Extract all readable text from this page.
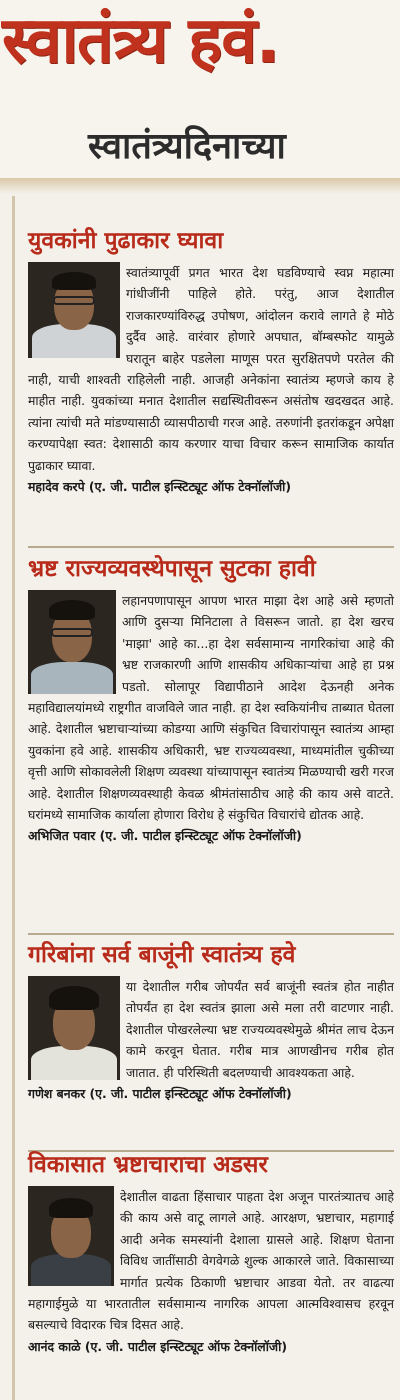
स्वातंत्र्य हवं.
स्वातंत्र्यदिनाच्या
युवकांनी पुढाकार घ्यावा

स्वातंत्र्यापूर्वी प्रगत भारत देश घडविण्याचे स्वप्न महात्मा गांधीजींनी पाहिले होते. परंतु, आज देशातील राजकारण्यांविरुद्ध उपोषण, आंदोलन करावे लागते हे मोठे दुर्दैव आहे. वारंवार होणारे अपघात, बॉम्बस्फोट यामुळे घरातून बाहेर पडलेला माणूस परत सुरक्षितपणे परतेल की नाही, याची शाश्वती राहिलेली नाही. आजही अनेकांना स्वातंत्र्य म्हणजे काय हे माहीत नाही. युवकांच्या मनात देशातील सद्यस्थितीवरून असंतोष खदखदत आहे. त्यांना त्यांची मते मांडण्यासाठी व्यासपीठाची गरज आहे. तरुणांनी इतरांकडून अपेक्षा करण्यापेक्षा स्वत: देशासाठी काय करणार याचा विचार करून सामाजिक कार्यात पुढाकार घ्यावा.

महादेव करपे (ए. जी. पाटील इन्स्टिट्यूट ऑफ टेक्नॉलॉजी)

भ्रष्ट राज्यव्यवस्थेपासून सुटका हावी

लहानपणापासून आपण भारत माझा देश आहे असे म्हणतो आणि दुसऱ्या मिनिटाला ते विसरून जातो. हा देश खरच 'माझा' आहे का...हा देश सर्वसामान्य नागरिकांचा आहे की भ्रष्ट राजकारणी आणि शासकीय अधिकाऱ्यांचा आहे हा प्रश्न पडतो. सोलापूर विद्यापीठाने आदेश देऊनही अनेक महाविद्यालयांमध्ये राष्ट्रगीत वाजविले जात नाही. हा देश स्वकियांनीच ताब्यात घेतला आहे. देशातील भ्रष्टाचाऱ्यांच्या कोडग्या आणि संकुचित विचारांपासून स्वातंत्र्य आम्हा युवकांना हवे आहे. शासकीय अधिकारी, भ्रष्ट राज्यव्यवस्था, माध्यमांतील चुकीच्या वृत्ती आणि सोकावलेली शिक्षण व्यवस्था यांच्यापासून स्वातंत्र्य मिळण्याची खरी गरज आहे. देशातील शिक्षणव्यवस्थाही केवळ श्रीमंतांसाठीच आहे की काय असे वाटते. घरांमध्ये सामाजिक कार्याला होणारा विरोध हे संकुचित विचारांचे द्योतक आहे.

अभिजित पवार (ए. जी. पाटील इन्स्टिट्यूट ऑफ टेक्नॉलॉजी)

गरिबांना सर्व बाजूंनी स्वातंत्र्य हवे

या देशातील गरीब जोपर्यंत सर्व बाजूंनी स्वतंत्र होत नाहीत तोपर्यंत हा देश स्वतंत्र झाला असे मला तरी वाटणार नाही. देशातील पोखरलेल्या भ्रष्ट राज्यव्यवस्थेमुळे श्रीमंत लाच देऊन कामे करवून घेतात. गरीब मात्र आणखीनच गरीब होत जातात. ही परिस्थिती बदलण्याची आवश्यकता आहे.

गणेश बनकर (ए. जी. पाटील इन्स्टिट्यूट ऑफ टेक्नॉलॉजी)

विकासात भ्रष्टाचाराचा अडसर

देशातील वाढता हिंसाचार पाहता देश अजून पारतंत्र्यातच आहे की काय असे वाटू लागले आहे. आरक्षण, भ्रष्टाचार, महागाई आदी अनेक समस्यांनी देशाला ग्रासले आहे. शिक्षण घेताना विविध जातींसाठी वेगवेगळे शुल्क आकारले जाते. विकासाच्या मार्गात प्रत्येक ठिकाणी भ्रष्टाचार आडवा येतो. तर वाढत्या महागाईमुळे या भारतातील सर्वसामान्य नागरिक आपला आत्मविश्वासच हरवून बसल्याचे विदारक चित्र दिसत आहे.

आनंद काळे (ए. जी. पाटील इन्स्टिट्यूट ऑफ टेक्नॉलॉजी)
